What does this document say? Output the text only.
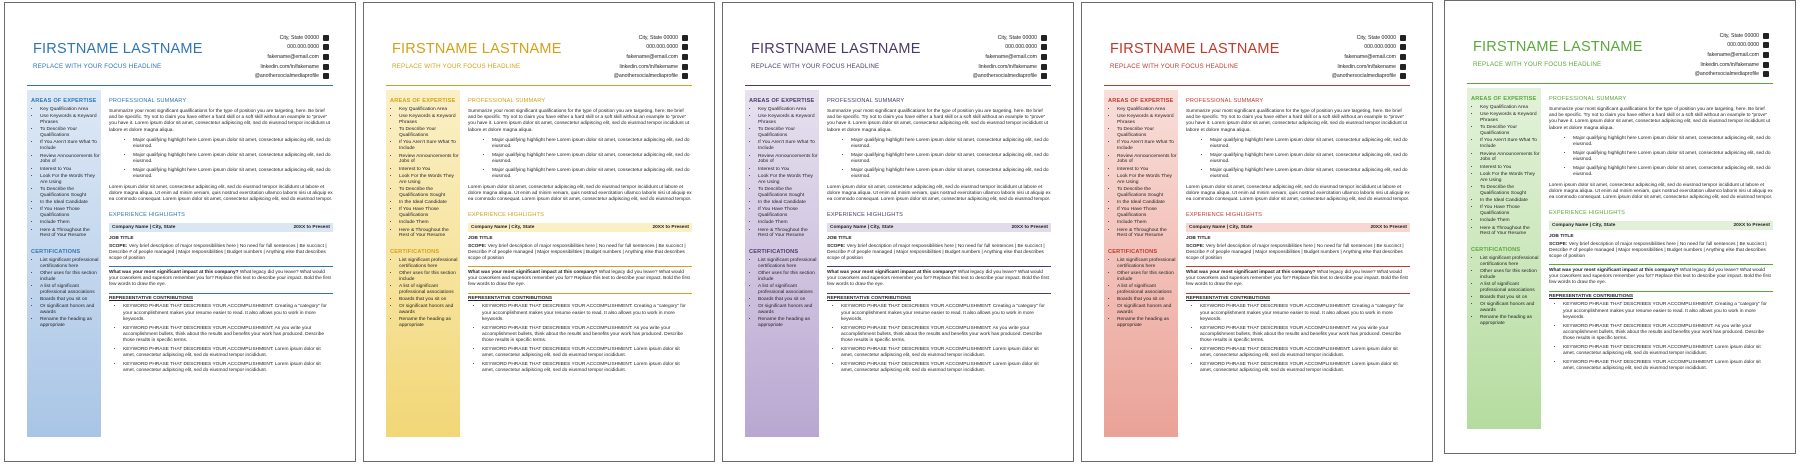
FIRSTNAME LASTNAME
REPLACE WITH YOUR FOCUS HEADLINE
City, State 00000
000.000.0000
fakename@email.com
linkedin.com/in/fakename
@anothersocialmediaprofile
AREAS OF EXPERTISE
• Key Qualification Area
• Use Keywords & Keyword Phrases
• To Describe Your Qualifications
• If You Aren't Sure What To Include
• Review Announcements for Jobs of
• Interest to You
• Look For the Words They Are Using
• To Describe the Qualifications Sought
• In the Ideal Candidate
• If You Have Those Qualifications
• Include Them
• Here & Throughout the Rest of Your Resume
CERTIFICATIONS
• List significant professional certifications here
• Other uses for this section include
• A list of significant professional associations
• Boards that you sit on
• Or significant honors and awards
• Rename the heading as appropriate
PROFESSIONAL SUMMARY

Summarize your most significant qualifications for the type of position you are targeting, here. Be brief and be specific. Try not to claim you have either a hard skill or a soft skill without an example to “prove” you have it. Lorem ipsum dolor sit amet, consectetur adipiscing elit, sed do eiusmod tempor incididunt ut labore et dolore magna aliqua.

• Major qualifying highlight here Lorem ipsum dolor sit amet, consectetur adipiscing elit, sed do eiusmod.
• Major qualifying highlight here Lorem ipsum dolor sit amet, consectetur adipiscing elit, sed do eiusmod.
• Major qualifying highlight here Lorem ipsum dolor sit amet, consectetur adipiscing elit, sed do eiusmod.

Lorem ipsum dolor sit amet, consectetur adipiscing elit, sed do eiusmod tempor incididunt ut labore et dolore magna aliqua. Ut enim ad minim veniam, quis nostrud exercitation ullamco laboris nisi ut aliquip ex ea commodo consequat. Lorem ipsum dolor sit amet, consectetur adipiscing elit, sed do eiusmod tempor.

EXPERIENCE HIGHLIGHTS
Company Name | City, State	20XX to Present
JOB TITLE

SCOPE: Very brief description of major responsibilities here | No need for full sentences | Be succinct | Describe # of people managed | Major responsibilities | Budget numbers | Anything else that describes scope of position

What was your most significant impact at this company? What legacy did you leave? What would your coworkers and superiors remember you for? Replace this text to describe your impact. Bold the first few words to draw the eye.

REPRESENTATIVE CONTRIBUTIONS
• KEYWORD PHRASE THAT DESCRIBES YOUR ACCOMPLISHMENT: Creating a “category” for your accomplishment makes your resume easier to read. It also allows you to work in more keywords.
• KEYWORD PHRASE THAT DESCRIBES YOUR ACCOMPLISHMENT: As you write your accomplishment bullets, think about the results and benefits your work has produced. Describe those results in specific terms.
• KEYWORD PHRASE THAT DESCRIBES YOUR ACCOMPLISHMENT: Lorem ipsum dolor sit amet, consectetur adipiscing elit, sed do eiusmod tempor incididunt.
• KEYWORD PHRASE THAT DESCRIBES YOUR ACCOMPLISHMENT: Lorem ipsum dolor sit amet, consectetur adipiscing elit, sed do eiusmod tempor incididunt.
FIRSTNAME LASTNAME
REPLACE WITH YOUR FOCUS HEADLINE
City, State 00000
000.000.0000
fakename@email.com
linkedin.com/in/fakename
@anothersocialmediaprofile
AREAS OF EXPERTISE
• Key Qualification Area
• Use Keywords & Keyword Phrases
• To Describe Your Qualifications
• If You Aren't Sure What To Include
• Review Announcements for Jobs of
• Interest to You
• Look For the Words They Are Using
• To Describe the Qualifications Sought
• In the Ideal Candidate
• If You Have Those Qualifications
• Include Them
• Here & Throughout the Rest of Your Resume
CERTIFICATIONS
• List significant professional certifications here
• Other uses for this section include
• A list of significant professional associations
• Boards that you sit on
• Or significant honors and awards
• Rename the heading as appropriate
PROFESSIONAL SUMMARY

Summarize your most significant qualifications for the type of position you are targeting, here. Be brief and be specific. Try not to claim you have either a hard skill or a soft skill without an example to “prove” you have it. Lorem ipsum dolor sit amet, consectetur adipiscing elit, sed do eiusmod tempor incididunt ut labore et dolore magna aliqua.

• Major qualifying highlight here Lorem ipsum dolor sit amet, consectetur adipiscing elit, sed do eiusmod.
• Major qualifying highlight here Lorem ipsum dolor sit amet, consectetur adipiscing elit, sed do eiusmod.
• Major qualifying highlight here Lorem ipsum dolor sit amet, consectetur adipiscing elit, sed do eiusmod.

Lorem ipsum dolor sit amet, consectetur adipiscing elit, sed do eiusmod tempor incididunt ut labore et dolore magna aliqua. Ut enim ad minim veniam, quis nostrud exercitation ullamco laboris nisi ut aliquip ex ea commodo consequat. Lorem ipsum dolor sit amet, consectetur adipiscing elit, sed do eiusmod tempor.

EXPERIENCE HIGHLIGHTS
Company Name | City, State	20XX to Present
JOB TITLE

SCOPE: Very brief description of major responsibilities here | No need for full sentences | Be succinct | Describe # of people managed | Major responsibilities | Budget numbers | Anything else that describes scope of position

What was your most significant impact at this company? What legacy did you leave? What would your coworkers and superiors remember you for? Replace this text to describe your impact. Bold the first few words to draw the eye.

REPRESENTATIVE CONTRIBUTIONS
• KEYWORD PHRASE THAT DESCRIBES YOUR ACCOMPLISHMENT: Creating a “category” for your accomplishment makes your resume easier to read. It also allows you to work in more keywords.
• KEYWORD PHRASE THAT DESCRIBES YOUR ACCOMPLISHMENT: As you write your accomplishment bullets, think about the results and benefits your work has produced. Describe those results in specific terms.
• KEYWORD PHRASE THAT DESCRIBES YOUR ACCOMPLISHMENT: Lorem ipsum dolor sit amet, consectetur adipiscing elit, sed do eiusmod tempor incididunt.
• KEYWORD PHRASE THAT DESCRIBES YOUR ACCOMPLISHMENT: Lorem ipsum dolor sit amet, consectetur adipiscing elit, sed do eiusmod tempor incididunt.
FIRSTNAME LASTNAME
REPLACE WITH YOUR FOCUS HEADLINE
City, State 00000
000.000.0000
fakename@email.com
linkedin.com/in/fakename
@anothersocialmediaprofile
AREAS OF EXPERTISE
• Key Qualification Area
• Use Keywords & Keyword Phrases
• To Describe Your Qualifications
• If You Aren't Sure What To Include
• Review Announcements for Jobs of
• Interest to You
• Look For the Words They Are Using
• To Describe the Qualifications Sought
• In the Ideal Candidate
• If You Have Those Qualifications
• Include Them
• Here & Throughout the Rest of Your Resume
CERTIFICATIONS
• List significant professional certifications here
• Other uses for this section include
• A list of significant professional associations
• Boards that you sit on
• Or significant honors and awards
• Rename the heading as appropriate
PROFESSIONAL SUMMARY

Summarize your most significant qualifications for the type of position you are targeting, here. Be brief and be specific. Try not to claim you have either a hard skill or a soft skill without an example to “prove” you have it. Lorem ipsum dolor sit amet, consectetur adipiscing elit, sed do eiusmod tempor incididunt ut labore et dolore magna aliqua.

• Major qualifying highlight here Lorem ipsum dolor sit amet, consectetur adipiscing elit, sed do eiusmod.
• Major qualifying highlight here Lorem ipsum dolor sit amet, consectetur adipiscing elit, sed do eiusmod.
• Major qualifying highlight here Lorem ipsum dolor sit amet, consectetur adipiscing elit, sed do eiusmod.

Lorem ipsum dolor sit amet, consectetur adipiscing elit, sed do eiusmod tempor incididunt ut labore et dolore magna aliqua. Ut enim ad minim veniam, quis nostrud exercitation ullamco laboris nisi ut aliquip ex ea commodo consequat. Lorem ipsum dolor sit amet, consectetur adipiscing elit, sed do eiusmod tempor.

EXPERIENCE HIGHLIGHTS
Company Name | City, State	20XX to Present
JOB TITLE

SCOPE: Very brief description of major responsibilities here | No need for full sentences | Be succinct | Describe # of people managed | Major responsibilities | Budget numbers | Anything else that describes scope of position

What was your most significant impact at this company? What legacy did you leave? What would your coworkers and superiors remember you for? Replace this text to describe your impact. Bold the first few words to draw the eye.

REPRESENTATIVE CONTRIBUTIONS
• KEYWORD PHRASE THAT DESCRIBES YOUR ACCOMPLISHMENT: Creating a “category” for your accomplishment makes your resume easier to read. It also allows you to work in more keywords.
• KEYWORD PHRASE THAT DESCRIBES YOUR ACCOMPLISHMENT: As you write your accomplishment bullets, think about the results and benefits your work has produced. Describe those results in specific terms.
• KEYWORD PHRASE THAT DESCRIBES YOUR ACCOMPLISHMENT: Lorem ipsum dolor sit amet, consectetur adipiscing elit, sed do eiusmod tempor incididunt.
• KEYWORD PHRASE THAT DESCRIBES YOUR ACCOMPLISHMENT: Lorem ipsum dolor sit amet, consectetur adipiscing elit, sed do eiusmod tempor incididunt.
FIRSTNAME LASTNAME
REPLACE WITH YOUR FOCUS HEADLINE
City, State 00000
000.000.0000
fakename@email.com
linkedin.com/in/fakename
@anothersocialmediaprofile
AREAS OF EXPERTISE
• Key Qualification Area
• Use Keywords & Keyword Phrases
• To Describe Your Qualifications
• If You Aren't Sure What To Include
• Review Announcements for Jobs of
• Interest to You
• Look For the Words They Are Using
• To Describe the Qualifications Sought
• In the Ideal Candidate
• If You Have Those Qualifications
• Include Them
• Here & Throughout the Rest of Your Resume
CERTIFICATIONS
• List significant professional certifications here
• Other uses for this section include
• A list of significant professional associations
• Boards that you sit on
• Or significant honors and awards
• Rename the heading as appropriate
PROFESSIONAL SUMMARY

Summarize your most significant qualifications for the type of position you are targeting, here. Be brief and be specific. Try not to claim you have either a hard skill or a soft skill without an example to “prove” you have it. Lorem ipsum dolor sit amet, consectetur adipiscing elit, sed do eiusmod tempor incididunt ut labore et dolore magna aliqua.

• Major qualifying highlight here Lorem ipsum dolor sit amet, consectetur adipiscing elit, sed do eiusmod.
• Major qualifying highlight here Lorem ipsum dolor sit amet, consectetur adipiscing elit, sed do eiusmod.
• Major qualifying highlight here Lorem ipsum dolor sit amet, consectetur adipiscing elit, sed do eiusmod.

Lorem ipsum dolor sit amet, consectetur adipiscing elit, sed do eiusmod tempor incididunt ut labore et dolore magna aliqua. Ut enim ad minim veniam, quis nostrud exercitation ullamco laboris nisi ut aliquip ex ea commodo consequat. Lorem ipsum dolor sit amet, consectetur adipiscing elit, sed do eiusmod tempor.

EXPERIENCE HIGHLIGHTS
Company Name | City, State	20XX to Present
JOB TITLE

SCOPE: Very brief description of major responsibilities here | No need for full sentences | Be succinct | Describe # of people managed | Major responsibilities | Budget numbers | Anything else that describes scope of position

What was your most significant impact at this company? What legacy did you leave? What would your coworkers and superiors remember you for? Replace this text to describe your impact. Bold the first few words to draw the eye.

REPRESENTATIVE CONTRIBUTIONS
• KEYWORD PHRASE THAT DESCRIBES YOUR ACCOMPLISHMENT: Creating a “category” for your accomplishment makes your resume easier to read. It also allows you to work in more keywords.
• KEYWORD PHRASE THAT DESCRIBES YOUR ACCOMPLISHMENT: As you write your accomplishment bullets, think about the results and benefits your work has produced. Describe those results in specific terms.
• KEYWORD PHRASE THAT DESCRIBES YOUR ACCOMPLISHMENT: Lorem ipsum dolor sit amet, consectetur adipiscing elit, sed do eiusmod tempor incididunt.
• KEYWORD PHRASE THAT DESCRIBES YOUR ACCOMPLISHMENT: Lorem ipsum dolor sit amet, consectetur adipiscing elit, sed do eiusmod tempor incididunt.
FIRSTNAME LASTNAME
REPLACE WITH YOUR FOCUS HEADLINE
City, State 00000
000.000.0000
fakename@email.com
linkedin.com/in/fakename
@anothersocialmediaprofile
AREAS OF EXPERTISE
• Key Qualification Area
• Use Keywords & Keyword Phrases
• To Describe Your Qualifications
• If You Aren't Sure What To Include
• Review Announcements for Jobs of
• Interest to You
• Look For the Words They Are Using
• To Describe the Qualifications Sought
• In the Ideal Candidate
• If You Have Those Qualifications
• Include Them
• Here & Throughout the Rest of Your Resume
CERTIFICATIONS
• List significant professional certifications here
• Other uses for this section include
• A list of significant professional associations
• Boards that you sit on
• Or significant honors and awards
• Rename the heading as appropriate
PROFESSIONAL SUMMARY

Summarize your most significant qualifications for the type of position you are targeting, here. Be brief and be specific. Try not to claim you have either a hard skill or a soft skill without an example to “prove” you have it. Lorem ipsum dolor sit amet, consectetur adipiscing elit, sed do eiusmod tempor incididunt ut labore et dolore magna aliqua.

• Major qualifying highlight here Lorem ipsum dolor sit amet, consectetur adipiscing elit, sed do eiusmod.
• Major qualifying highlight here Lorem ipsum dolor sit amet, consectetur adipiscing elit, sed do eiusmod.
• Major qualifying highlight here Lorem ipsum dolor sit amet, consectetur adipiscing elit, sed do eiusmod.

Lorem ipsum dolor sit amet, consectetur adipiscing elit, sed do eiusmod tempor incididunt ut labore et dolore magna aliqua. Ut enim ad minim veniam, quis nostrud exercitation ullamco laboris nisi ut aliquip ex ea commodo consequat. Lorem ipsum dolor sit amet, consectetur adipiscing elit, sed do eiusmod tempor.

EXPERIENCE HIGHLIGHTS
Company Name | City, State	20XX to Present
JOB TITLE

SCOPE: Very brief description of major responsibilities here | No need for full sentences | Be succinct | Describe # of people managed | Major responsibilities | Budget numbers | Anything else that describes scope of position

What was your most significant impact at this company? What legacy did you leave? What would your coworkers and superiors remember you for? Replace this text to describe your impact. Bold the first few words to draw the eye.

REPRESENTATIVE CONTRIBUTIONS
• KEYWORD PHRASE THAT DESCRIBES YOUR ACCOMPLISHMENT: Creating a “category” for your accomplishment makes your resume easier to read. It also allows you to work in more keywords.
• KEYWORD PHRASE THAT DESCRIBES YOUR ACCOMPLISHMENT: As you write your accomplishment bullets, think about the results and benefits your work has produced. Describe those results in specific terms.
• KEYWORD PHRASE THAT DESCRIBES YOUR ACCOMPLISHMENT: Lorem ipsum dolor sit amet, consectetur adipiscing elit, sed do eiusmod tempor incididunt.
• KEYWORD PHRASE THAT DESCRIBES YOUR ACCOMPLISHMENT: Lorem ipsum dolor sit amet, consectetur adipiscing elit, sed do eiusmod tempor incididunt.
